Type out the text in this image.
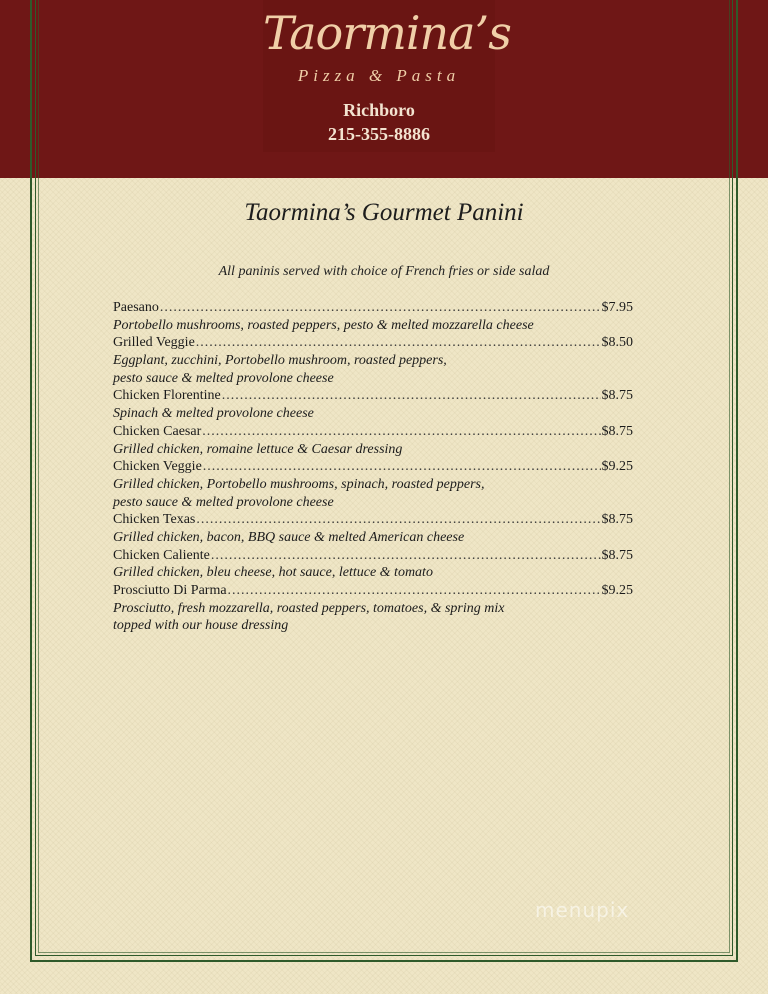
Taormina’s
Pizza & Pasta
Richboro
215-355-8886
Taormina’s Gourmet Panini
All paninis served with choice of French fries or side salad
Paesano .....	$7.95
Portobello mushrooms, roasted peppers, pesto & melted mozzarella cheese
Grilled Veggie .....	$8.50
Eggplant, zucchini, Portobello mushroom, roasted peppers,
pesto sauce & melted provolone cheese
Chicken Florentine .....	$8.75
Spinach & melted provolone cheese
Chicken Caesar .....	$8.75
Grilled chicken, romaine lettuce & Caesar dressing
Chicken Veggie .....	$9.25
Grilled chicken, Portobello mushrooms, spinach, roasted peppers,
pesto sauce & melted provolone cheese
Chicken Texas .....	$8.75
Grilled chicken, bacon, BBQ sauce & melted American cheese
Chicken Caliente .....	$8.75
Grilled chicken, bleu cheese, hot sauce, lettuce & tomato
Prosciutto Di Parma .....	$9.25
Prosciutto, fresh mozzarella, roasted peppers, tomatoes, & spring mix
topped with our house dressing
menupix
